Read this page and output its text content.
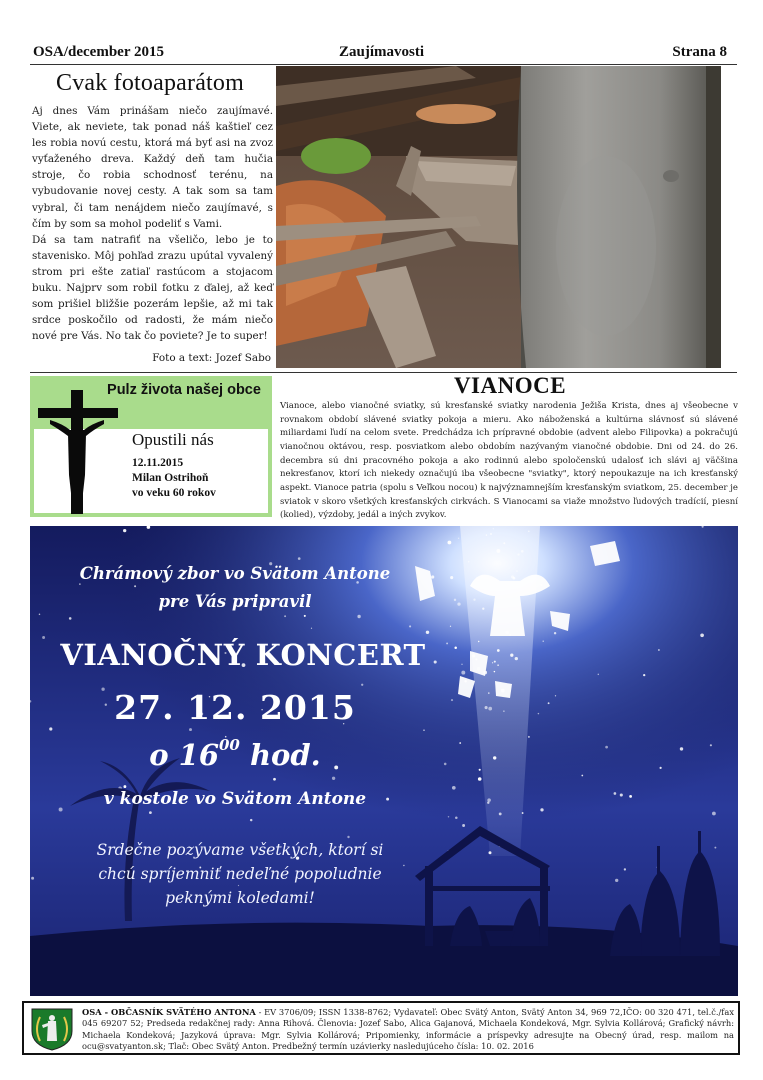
OSA/december 2015	Zaujímavosti	Strana 8
Cvak fotoaparátom

Aj dnes Vám prinášam niečo zaujímavé. Viete, ak neviete, tak ponad náš kaštieľ cez les robia novú cestu, ktorá má byť asi na zvoz vyťaženého dreva. Každý deň tam hučia stroje, čo robia schodnosť terénu, na vybudovanie novej cesty. A tak som sa tam vybral, či tam nenájdem niečo zaujímavé, s čím by som sa mohol podeliť s Vami.

Dá sa tam natrafiť na všeličo, lebo je to stavenisko. Môj pohľad zrazu upútal vyvalený strom pri ešte zatiaľ rastúcom a stojacom buku. Najprv som robil fotku z ďalej, až keď som prišiel bližšie pozerám lepšie, až mi tak srdce poskočilo od radosti, že mám niečo nové pre Vás. No tak čo poviete? Je to super!

Foto a text: Jozef Sabo
Pulz života našej obce
Opustili nás
12.11.2015
Milan Ostrihoň
vo veku 60 rokov
VIANOCE
Vianoce, alebo vianočné sviatky, sú kresťanské sviatky narodenia Ježiša Krista, dnes aj všeobecne v rovnakom období slávené sviatky pokoja a mieru. Ako náboženská a kultúrna slávnosť sú slávené miliardami ľudí na celom svete. Predchádza ich prípravné obdobie (advent alebo Filipovka) a pokračujú vianočnou oktávou, resp. posviatkom alebo obdobím nazývaným vianočné obdobie. Dni od 24. do 26. decembra sú dni pracovného pokoja a ako rodinnú alebo spoločenskú udalosť ich slávi aj väčšina nekresťanov, ktorí ich niekedy označujú iba všeobecne "sviatky", ktorý nepoukazuje na ich kresťanský aspekt. Vianoce patria (spolu s Veľkou nocou) k najvýznamnejším kresťanským sviatkom, 25. december je sviatok v skoro všetkých kresťanských cirkvách. S Vianocami sa viaže množstvo ľudových tradícií, piesní (kolied), výzdoby, jedál a iných zvykov.
Chrámový zbor vo Svätom Antone
pre Vás pripravil
VIANOČNÝ KONCERT
27. 12. 2015
o $16^{00}$ hod.
v kostole vo Svätom Antone
Srdečne pozývame všetkých, ktorí si
chcú spríjemniť nedeľné popoludnie
peknými koledami!
OSA - OBČASNÍK SVÄTÉHO ANTONA - EV 3706/09; ISSN 1338-8762; Vydavateľ: Obec Svätý Anton, Svätý Anton 34, 969 72,IČO: 00 320 471, tel.č./fax 045 69207 52; Predseda redakčnej rady: Anna Rihová. Členovia: Jozef Sabo, Alica Gajanová, Michaela Kondeková, Mgr. Sylvia Kollárová; Grafický návrh: Michaela Kondeková; Jazyková úprava: Mgr. Sylvia Kollárová; Pripomienky, informácie a príspevky adresujte na Obecný úrad, resp. mailom na ocu@svatyanton.sk; Tlač: Obec Svätý Anton. Predbežný termín uzávierky nasledujúceho čísla: 10. 02. 2016
